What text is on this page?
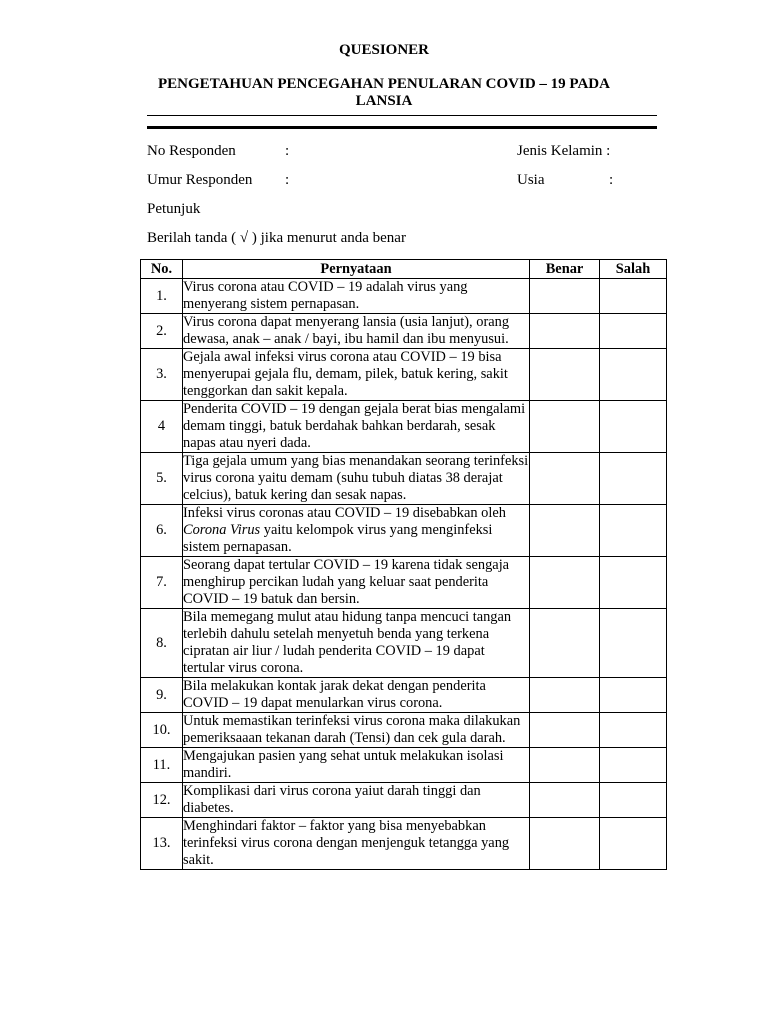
QUESIONER
PENGETAHUAN PENCEGAHAN PENULARAN COVID – 19 PADA
LANSIA
No Responden	:	Jenis Kelamin :
Umur Responden :	Usia	:
Petunjuk
Berilah tanda ( √ ) jika menurut anda benar
No.	Pernyataan	Benar	Salah
1.	Virus corona atau COVID – 19 adalah virus yang menyerang sistem pernapasan.		
2.	Virus corona dapat menyerang lansia (usia lanjut), orang dewasa, anak – anak / bayi, ibu hamil dan ibu menyusui.		
3.	Gejala awal infeksi virus corona atau COVID – 19 bisa menyerupai gejala flu, demam, pilek, batuk kering, sakit tenggorkan dan sakit kepala.		
4	Penderita COVID – 19 dengan gejala berat bias mengalami demam tinggi, batuk berdahak bahkan berdarah, sesak napas atau nyeri dada.		
5.	Tiga gejala umum yang bias menandakan seorang terinfeksi virus corona yaitu demam (suhu tubuh diatas 38 derajat celcius), batuk kering dan sesak napas.		
6.	Infeksi virus coronas atau COVID – 19 disebabkan oleh Corona Virus yaitu kelompok virus yang menginfeksi sistem pernapasan.		
7.	Seorang dapat tertular COVID – 19 karena tidak sengaja menghirup percikan ludah yang keluar saat penderita COVID – 19 batuk dan bersin.		
8.	Bila memegang mulut atau hidung tanpa mencuci tangan terlebih dahulu setelah menyetuh benda yang terkena cipratan air liur / ludah penderita COVID – 19 dapat tertular virus corona.		
9.	Bila melakukan kontak jarak dekat dengan penderita COVID – 19 dapat menularkan virus corona.		
10.	Untuk memastikan terinfeksi virus corona maka dilakukan pemeriksaaan tekanan darah (Tensi) dan cek gula darah.		
11.	Mengajukan pasien yang sehat untuk melakukan isolasi mandiri.		
12.	Komplikasi dari virus corona yaiut darah tinggi dan diabetes.		
13.	Menghindari faktor – faktor yang bisa menyebabkan terinfeksi virus corona dengan menjenguk tetangga yang sakit.		
